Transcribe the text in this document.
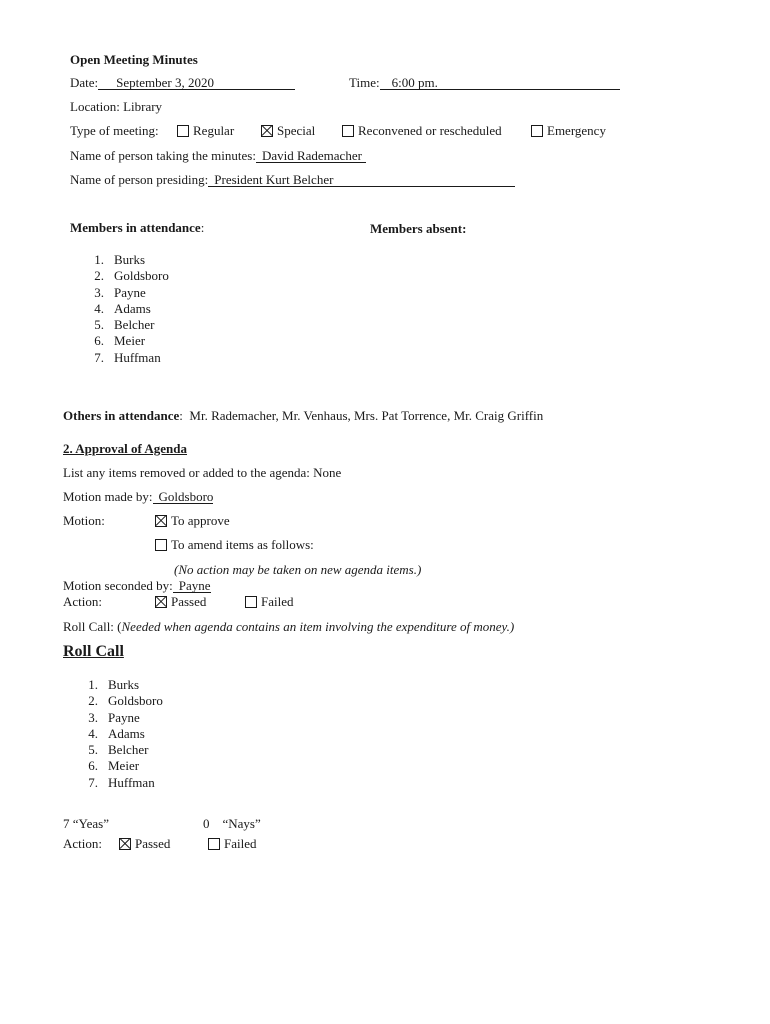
Open Meeting Minutes
Date: September 3, 2020	Time: 6:00 pm.
Location: Library
Type of meeting:	Regular	Special	Reconvened or rescheduled	Emergency
Name of person taking the minutes: David Rademacher
Name of person presiding: President Kurt Belcher
Members in attendance:	Members absent:
1. Burks
2. Goldsboro
3. Payne
4. Adams
5. Belcher
6. Meier
7. Huffman
Others in attendance:  Mr. Rademacher, Mr. Venhaus, Mrs. Pat Torrence, Mr. Craig Griffin
2. Approval of Agenda
List any items removed or added to the agenda: None
Motion made by: Goldsboro
Motion:	To approve
To amend items as follows:
(No action may be taken on new agenda items.)
Motion seconded by: Payne
Action:	Passed	Failed
Roll Call: (Needed when agenda contains an item involving the expenditure of money.)
Roll Call
1. Burks
2. Goldsboro
3. Payne
4. Adams
5. Belcher
6. Meier
7. Huffman
7 “Yeas”	0 “Nays”
Action:	Passed	Failed
